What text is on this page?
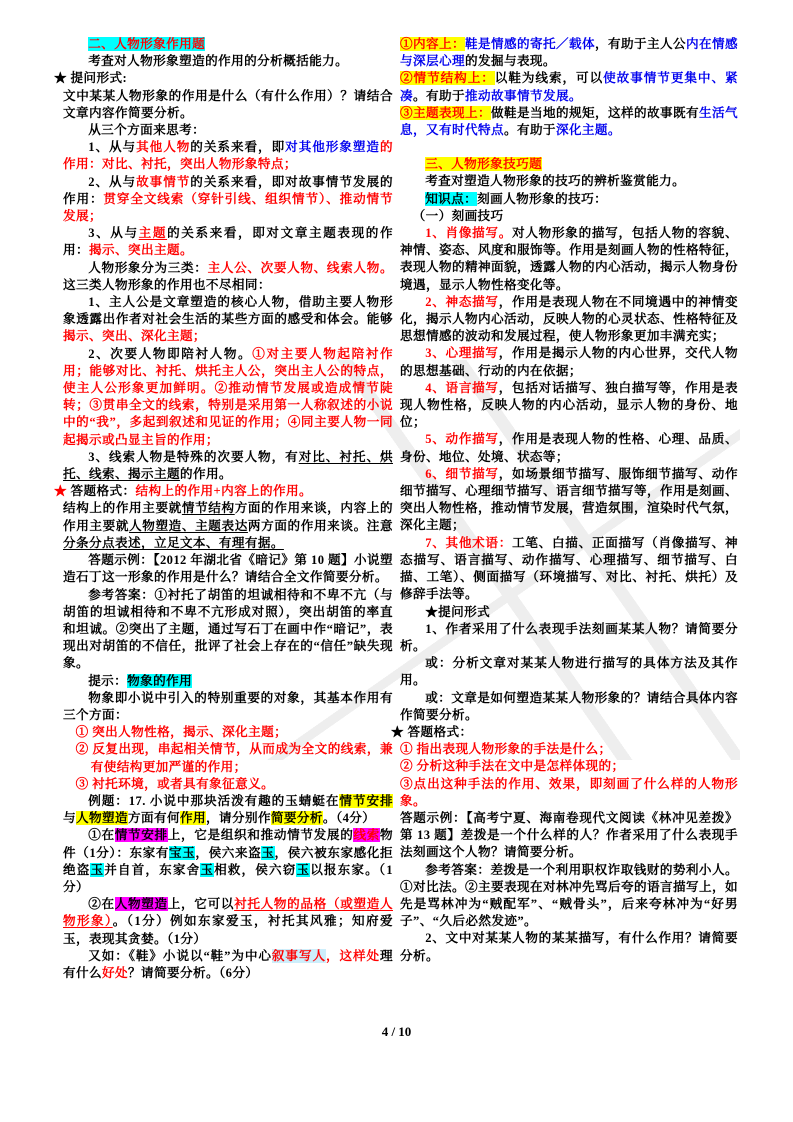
二、人物形象作用题

考查对人物形象塑造的作用的分析概括能力。

★ 提问形式:

文中某某人物形象的作用是什么（有什么作用）？请结合文章内容作简要分析。

从三个方面来思考：

1、从与其他人物的关系来看，即对其他形象塑造的作用：对比、衬托，突出人物形象特点；

2、从与故事情节的关系来看，即对故事情节发展的作用：贯穿全文线索（穿针引线、组织情节）、推动情节发展；

3、从与主题的关系来看，即对文章主题表现的作用：揭示、突出主题。

人物形象分为三类：主人公、次要人物、线索人物。这三类人物形象的作用也不尽相同：

1、主人公是文章塑造的核心人物，借助主要人物形象透露出作者对社会生活的某些方面的感受和体会。能够揭示、突出、深化主题；

2、次要人物即陪衬人物。①对主要人物起陪衬作用；能够对比、衬托、烘托主人公，突出主人公的特点，使主人公形象更加鲜明。②推动情节发展或造成情节陡转；③贯串全文的线索，特别是采用第一人称叙述的小说中的“我”，多起到叙述和见证的作用；④同主要人物一同起揭示或凸显主旨的作用；

3、线索人物是特殊的次要人物，有对比、衬托、烘托、线索、揭示主题的作用。

★ 答题格式：结构上的作用+内容上的作用。

结构上的作用主要就情节结构方面的作用来谈，内容上的作用主要就人物塑造、主题表达两方面的作用来谈。注意分条分点表述，立足文本、有理有据。

答题示例：【2012 年湖北省《暗记》第 10 题】小说塑造石丁这一形象的作用是什么？请结合全文作简要分析。

参考答案：①衬托了胡笛的坦诚相待和不卑不亢（与胡笛的坦诚相待和不卑不亢形成对照），突出胡笛的率直和坦诚。②突出了主题，通过写石丁在画中作“暗记”，表现出对胡笛的不信任，批评了社会上存在的“信任”缺失现象。

提示：物象的作用

物象即小说中引入的特别重要的对象，其基本作用有三个方面：

① 突出人物性格，揭示、深化主题；

② 反复出现，串起相关情节，从而成为全文的线索，兼有使结构更加严谨的作用；

③ 衬托环境，或者具有象征意义。

例题：17. 小说中那块活泼有趣的玉蜻蜓在情节安排与人物塑造方面有何作用，请分别作简要分析。（4分）

①在情节安排上，它是组织和推动情节发展的线索物件（1分）：东家有宝玉，侯六来盗玉，侯六被东家感化拒绝盗玉并自首，东家舍玉相救，侯六窃玉以报东家。（1分）

②在人物塑造上，它可以衬托人物的品格（或塑造人物形象）。（1分）例如东家爱玉，衬托其风雅；知府爱玉，表现其贪婪。（1分）

又如：《鞋》小说以“鞋”为中心叙事写人，这样处理有什么好处？请简要分析。（6分）

①内容上：鞋是情感的寄托／载体，有助于主人公内在情感与深层心理的发掘与表现。

②情节结构上：以鞋为线索，可以使故事情节更集中、紧凑。有助于推动故事情节发展。

③主题表现上：做鞋是当地的规矩，这样的故事既有生活气息，又有时代特点。有助于深化主题。

三、人物形象技巧题

考查对塑造人物形象的技巧的辨析鉴赏能力。

知识点：刻画人物形象的技巧：

（一）刻画技巧

1、肖像描写。对人物形象的描写，包括人物的容貌、神情、姿态、风度和服饰等。作用是刻画人物的性格特征，表现人物的精神面貌，透露人物的内心活动，揭示人物身份境遇，显示人物性格变化等。

2、神态描写，作用是表现人物在不同境遇中的神情变化，揭示人物内心活动，反映人物的心灵状态、性格特征及思想情感的波动和发展过程，使人物形象更加丰满充实；

3、心理描写，作用是揭示人物的内心世界，交代人物的思想基础、行动的内在依据；

4、语言描写，包括对话描写、独白描写等，作用是表现人物性格，反映人物的内心活动，显示人物的身份、地位；

5、动作描写，作用是表现人物的性格、心理、品质、身份、地位、处境、状态等；

6、细节描写，如场景细节描写、服饰细节描写、动作细节描写、心理细节描写、语言细节描写等，作用是刻画、突出人物性格，推动情节发展，营造氛围，渲染时代气氛，深化主题；

7、其他术语：工笔、白描、正面描写（肖像描写、神态描写、语言描写、动作描写、心理描写、细节描写、白描、工笔）、侧面描写（环境描写、对比、衬托、烘托）及修辞手法等。

★提问形式

1、作者采用了什么表现手法刻画某某人物？请简要分析。

或：分析文章对某某人物进行描写的具体方法及其作用。

或：文章是如何塑造某某人物形象的？请结合具体内容作简要分析。

★ 答题格式：

① 指出表现人物形象的手法是什么；

② 分析这种手法在文中是怎样体现的；

③点出这种手法的作用、效果，即刻画了什么样的人物形象。

答题示例：【高考宁夏、海南卷现代文阅读《林冲见差拨》第 13 题】差拨是一个什么样的人？作者采用了什么表现手法刻画这个人物？请简要分析。

参考答案：差拨是一个利用职权诈取钱财的势利小人。①对比法。②主要表现在对林冲先骂后夸的语言描写上，如先是骂林冲为“贼配军”、“贼骨头”，后来夸林冲为“好男子”、“久后必然发迹”。

2、文中对某某人物的某某描写，有什么作用？请简要分析。

4 / 10
